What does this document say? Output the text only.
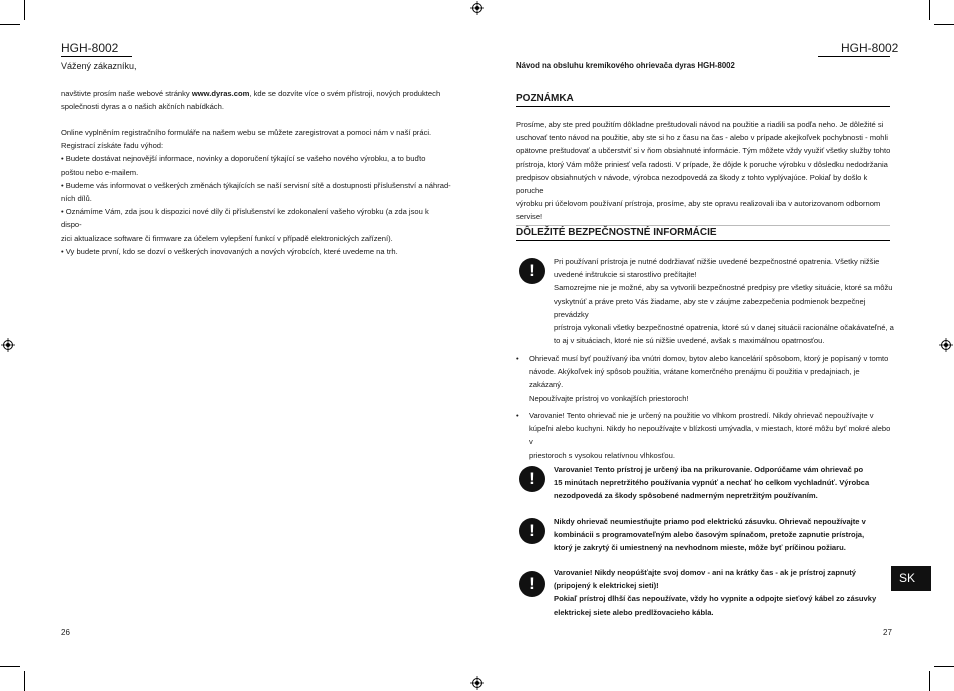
HGH-8002
Vážený zákazníku,
navštivte prosím naše webové stránky www.dyras.com, kde se dozvíte více o svém přístroji, nových produktech
společnosti dyras a o našich akčních nabídkách.
Online vyplněním registračního formuláře na našem webu se můžete zaregistrovat a pomoci nám v naší práci.
Registrací získáte řadu výhod:
• Budete dostávat nejnovější informace, novinky a doporučení týkající se vašeho nového výrobku, a to buďto
poštou nebo e-mailem.
• Budeme vás informovat o veškerých změnách týkajících se naší servisní sítě a dostupnosti příslušenství a náhrad-
ních dílů.
• Oznámíme Vám, zda jsou k dispozici nové díly či příslušenství ke zdokonalení vašeho výrobku (a zda jsou k dispo-
zici aktualizace software či firmware za účelem vylepšení funkcí v případě elektronických zařízení).
• Vy budete první, kdo se dozví o veškerých inovovaných a nových výrobcích, které uvedeme na trh.
26
HGH-8002
Návod na obsluhu kremíkového ohrievača dyras HGH-8002
POZNÁMKA
Prosíme, aby ste pred použitím dôkladne preštudovali návod na použitie a riadili sa podľa neho. Je dôležité si
uschovať tento návod na použitie, aby ste si ho z času na čas - alebo v prípade akejkoľvek pochybnosti - mohli
opätovne preštudovať a ubčerstviť si v ňom obsiahnuté informácie. Tým môžete vždy využiť všetky služby tohto
prístroja, ktorý Vám môže priniesť veľa radosti. V prípade, že dôjde k poruche výrobku v dôsledku nedodržania
predpisov obsiahnutých v návode, výrobca nezodpovedá za škody z tohto vyplývajúce. Pokiaľ by došlo k poruche
výrobku pri účelovom používaní prístroja, prosíme, aby ste opravu realizovali iba v autorizovanom odbornom
servise!
DÔLEŽITÉ BEZPEČNOSTNÉ INFORMÁCIE
!	Pri používaní prístroja je nutné dodržiavať nižšie uvedené bezpečnostné opatrenia. Všetky nižšie
uvedené inštrukcie si starostlivo prečítajte!
Samozrejme nie je možné, aby sa vytvorili bezpečnostné predpisy pre všetky situácie, ktoré sa môžu
vyskytnúť a práve preto Vás žiadame, aby ste v záujme zabezpečenia podmienok bezpečnej prevádzky
prístroja vykonali všetky bezpečnostné opatrenia, ktoré sú v danej situácii racionálne očakávateľné, a
to aj v situáciach, ktoré nie sú nižšie uvedené, avšak s maximálnou opatrnosťou.
• Ohrievač musí byť používaný iba vnútri domov, bytov alebo kancelárií spôsobom, ktorý je popísaný v tomto
návode. Akýkoľvek iný spôsob použitia, vrátane komerčného prenájmu či použitia v predajniach, je zakázaný.
Nepoužívajte prístroj vo vonkajších priestoroch!
• Varovanie! Tento ohrievač nie je určený na použitie vo vlhkom prostredí. Nikdy ohrievač nepoužívajte v
kúpeľni alebo kuchyni. Nikdy ho nepoužívajte v blízkosti umývadla, v miestach, ktoré môžu byť mokré alebo v
priestoroch s vysokou relatívnou vlhkosťou.
!	Varovanie! Tento prístroj je určený iba na prikurovanie. Odporúčame vám ohrievač po
15 minútach nepretržitého používania vypnúť a nechať ho celkom vychladnúť. Výrobca
nezodpovedá za škody spôsobené nadmerným nepretržitým používaním.
!	Nikdy ohrievač neumiestňujte priamo pod elektrickú zásuvku. Ohrievač nepoužívajte v
kombinácii s programovateľným alebo časovým spínačom, pretože zapnutie prístroja,
ktorý je zakrytý či umiestnený na nevhodnom mieste, môže byť príčinou požiaru.
!
Varovanie! Nikdy neopúšťajte svoj domov - ani na krátky čas - ak je prístroj zapnutý
(pripojený k elektrickej sieti)!
Pokiaľ prístroj dlhší čas nepoužívate, vždy ho vypnite a odpojte sieťový kábel zo zásuvky
elektrickej siete alebo predlžovacieho kábla.
SK
27
